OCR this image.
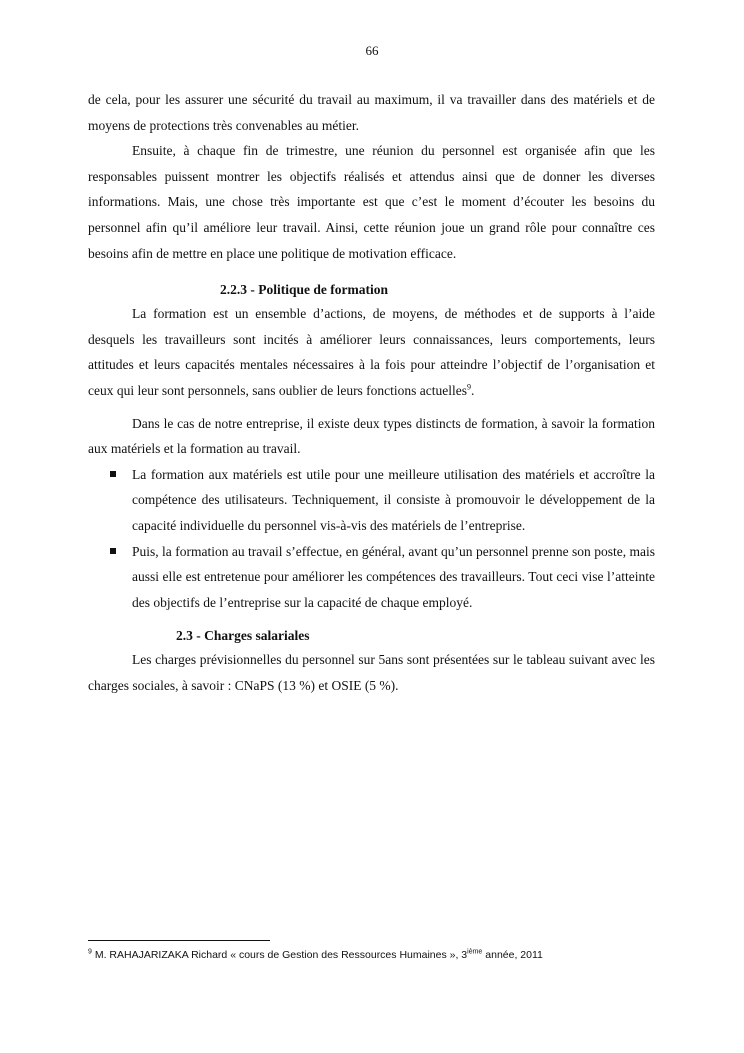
66

de cela, pour les assurer une sécurité du travail au maximum, il va travailler dans des matériels et de moyens de protections très convenables au métier.

Ensuite, à chaque fin de trimestre, une réunion du personnel est organisée afin que les responsables puissent montrer les objectifs réalisés et attendus ainsi que de donner les diverses informations. Mais, une chose très importante est que c’est le moment d’écouter les besoins du personnel afin qu’il améliore leur travail. Ainsi, cette réunion joue un grand rôle pour connaître ces besoins afin de mettre en place une politique de motivation efficace.

2.2.3 - Politique de formation

La formation est un ensemble d’actions, de moyens, de méthodes et de supports à l’aide desquels les travailleurs sont incités à améliorer leurs connaissances, leurs comportements, leurs attitudes et leurs capacités mentales nécessaires à la fois pour atteindre l’objectif de l’organisation et ceux qui leur sont personnels, sans oublier de leurs fonctions actuelles$^9$.

Dans le cas de notre entreprise, il existe deux types distincts de formation, à savoir la formation aux matériels et la formation au travail.

La formation aux matériels est utile pour une meilleure utilisation des matériels et accroître la compétence des utilisateurs. Techniquement, il consiste à promouvoir le développement de la capacité individuelle du personnel vis-à-vis des matériels de l’entreprise.
Puis, la formation au travail s’effectue, en général, avant qu’un personnel prenne son poste, mais aussi elle est entretenue pour améliorer les compétences des travailleurs. Tout ceci vise l’atteinte des objectifs de l’entreprise sur la capacité de chaque employé.
2.3 - Charges salariales

Les charges prévisionnelles du personnel sur 5ans sont présentées sur le tableau suivant avec les charges sociales, à savoir : CNaPS (13 %) et OSIE (5 %).

$^9$ M. RAHAJARIZAKA Richard « cours de Gestion des Ressources Humaines », 3ième année, 2011
